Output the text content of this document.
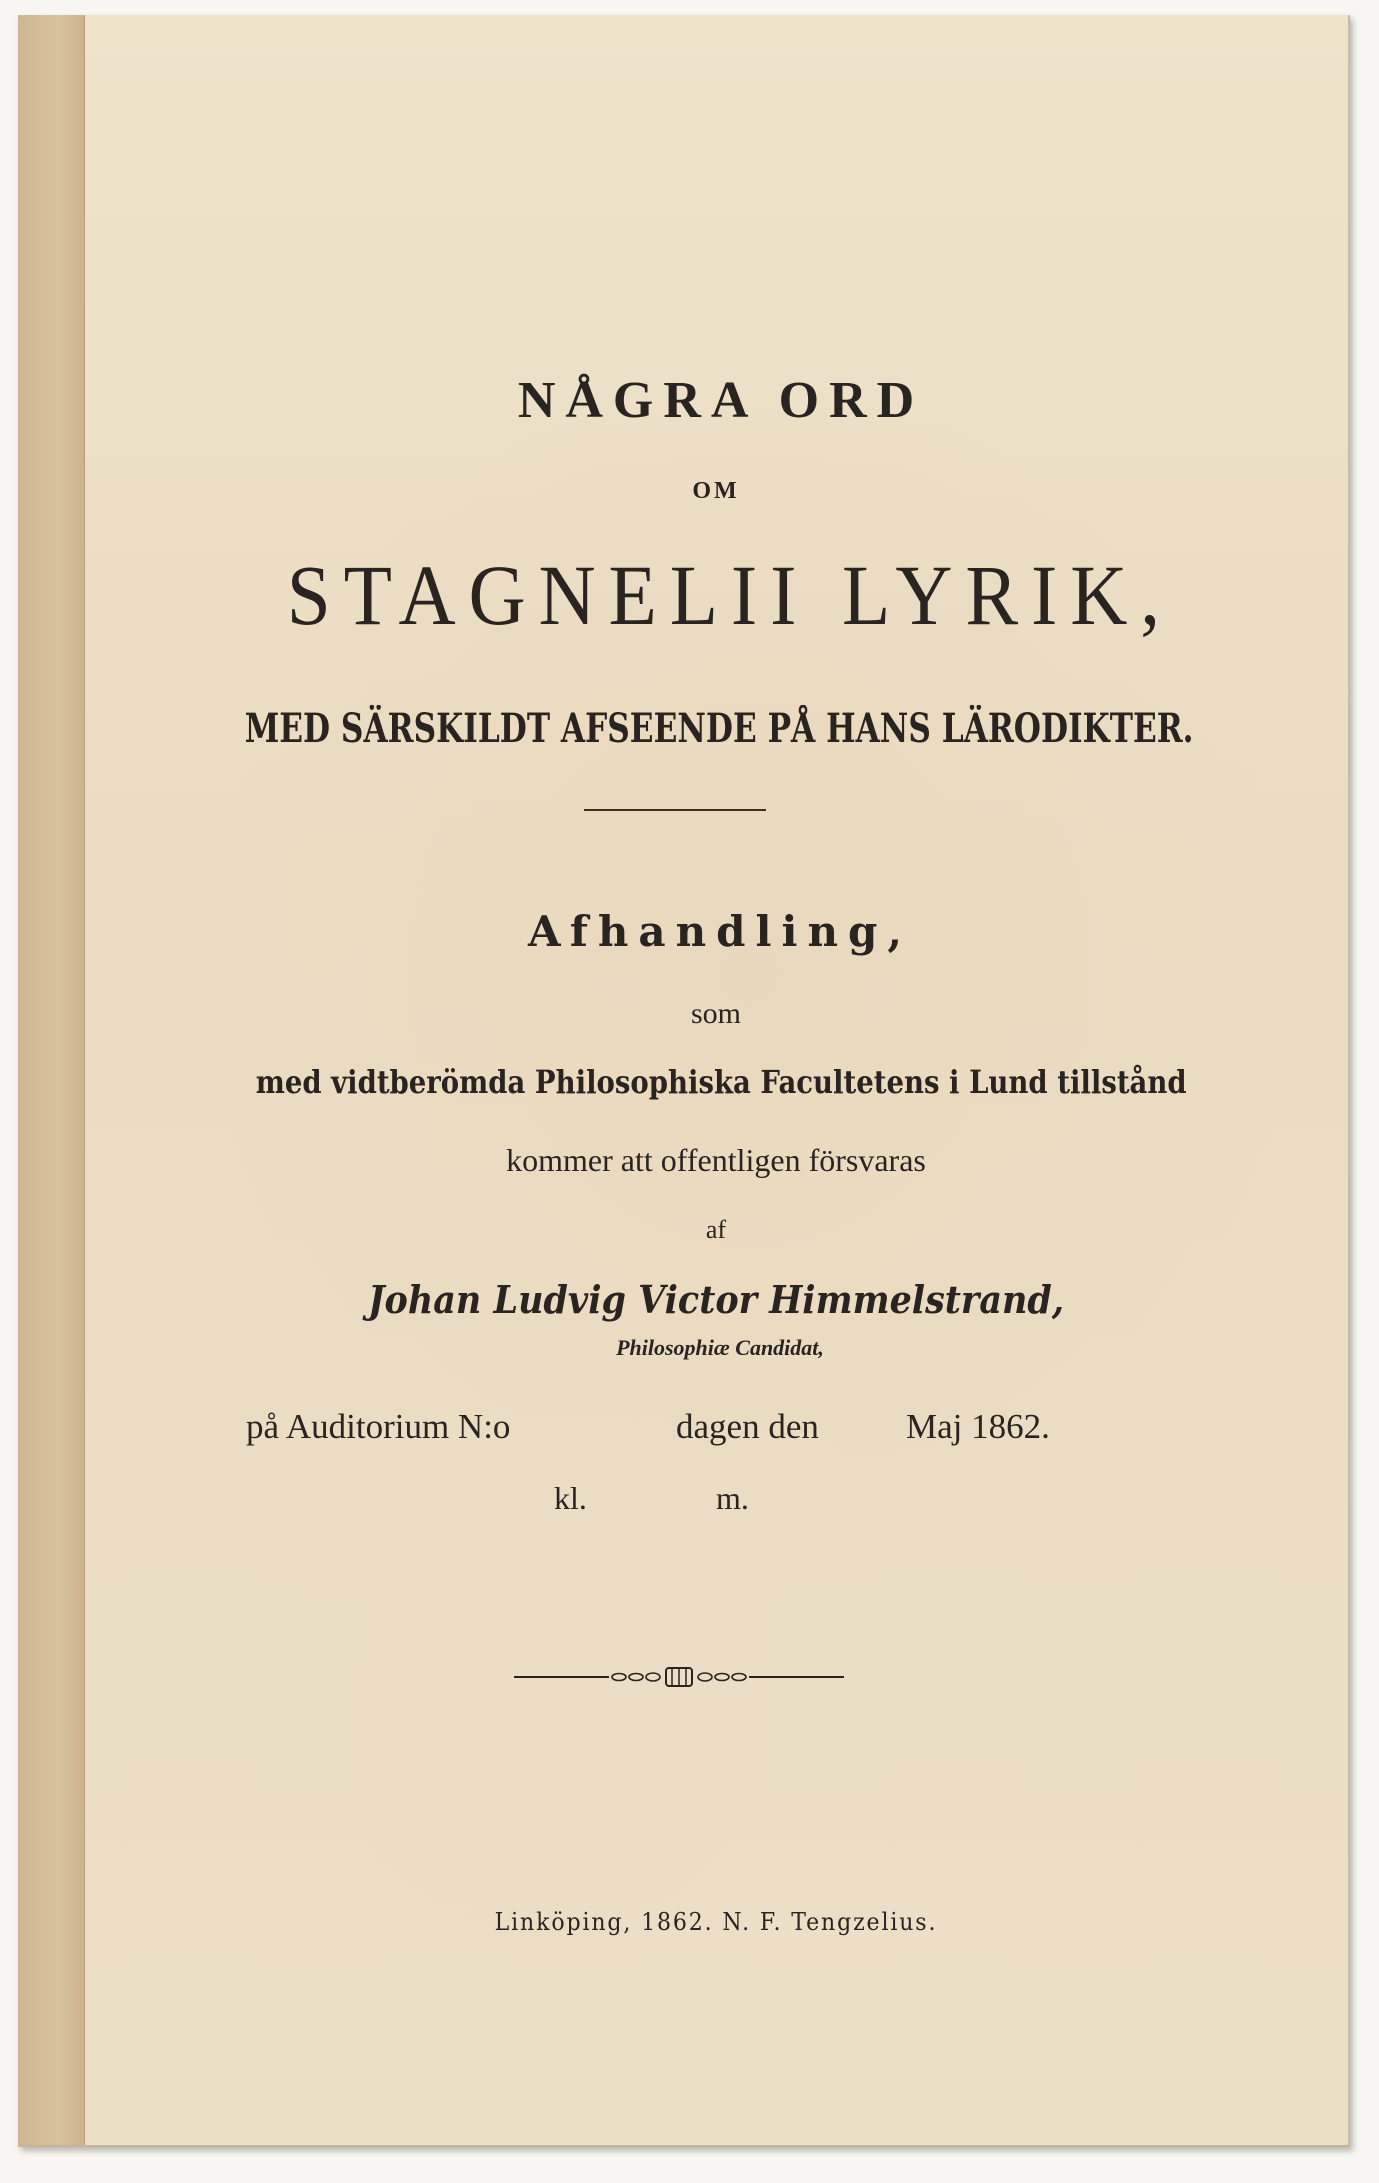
NÅGRA ORD
OM
STAGNELII LYRIK,
MED SÄRSKILDT AFSEENDE PÅ HANS LÄRODIKTER.
Afhandling,
som
med vidtberömda Philosophiska Facultetens i Lund tillstånd
kommer att offentligen försvaras
af
Johan Ludvig Victor Himmelstrand,
Philosophiæ Candidat,
på Auditorium N:o	dagen den Maj 1862.
kl.	m.
Linköping, 1862. N. F. Tengzelius.
